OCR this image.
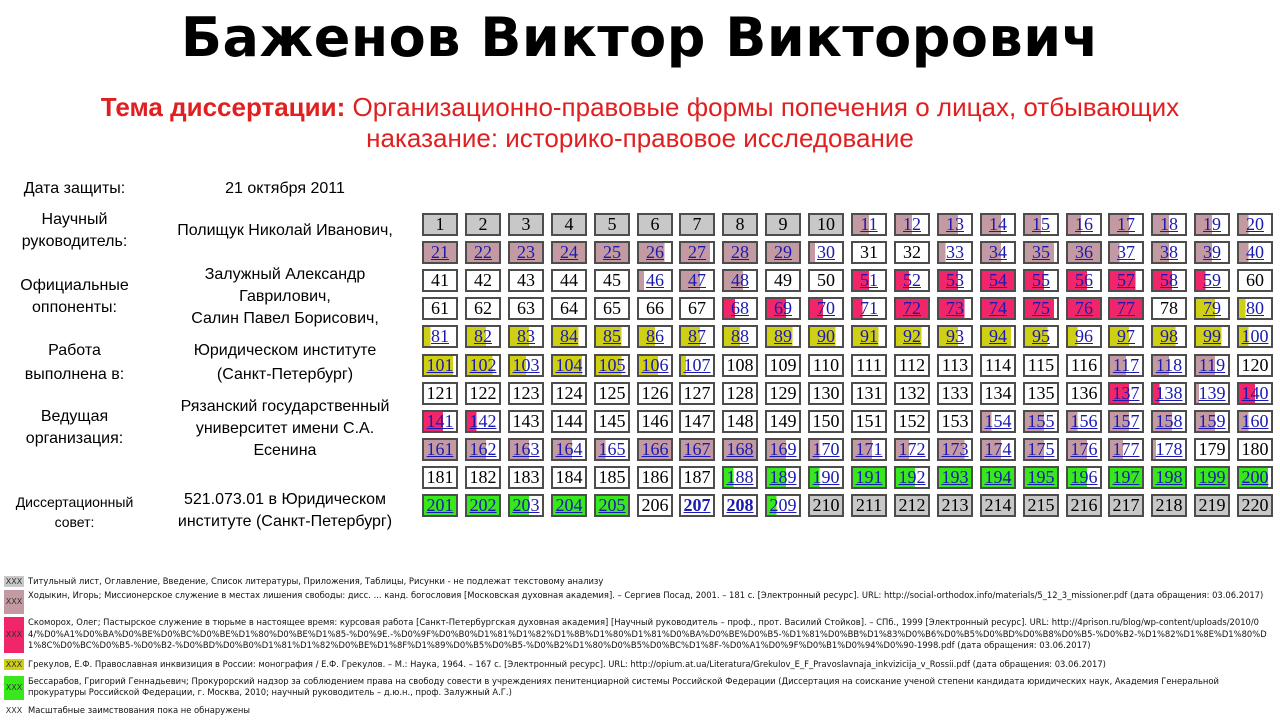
Баженов Виктор Викторович
Тема диссертации: Организационно-правовые формы попечения о лицах, отбывающих
наказание: историко-правовое исследование
Дата защиты:	21 октября 2011
Научный
руководитель:
Полищук Николай Иванович,
Официальные
оппоненты:
Залужный Александр
Гаврилович,
Салин Павел Борисович,
Работа
выполнена в:
Юридическом институте
(Санкт-Петербург)
Ведущая
организация:
Рязанский государственный
университет имени С.А.
Есенина
Диссертационный
совет:
521.073.01 в Юридическом
институте (Санкт-Петербург)
1	2	3	4	5	6	7	8	9	10	11	12	13	14	15	16	17	18	19	20
21	22	23	24	25	26	27	28	29	30	31	32	33	34	35	36	37	38	39	40
41	42	43	44	45	46	47	48	49	50	51	52	53	54	55	56	57	58	59	60
61	62	63	64	65	66	67	68	69	70	71	72	73	74	75	76	77	78	79	80
81	82	83	84	85	86	87	88	89	90	91	92	93	94	95	96	97	98	99	100
101 102 103 104 105 106 107 108 109 110 111 112 113 114 115 116 117 118 119 120
121 122 123 124 125 126 127 128 129 130 131 132 133 134 135 136 137 138 139 140
141 142 143 144 145 146 147 148 149 150 151 152 153 154 155 156 157 158 159 160
161 162 163 164 165 166 167 168 169 170 171 172 173 174 175 176 177 178 179 180
181 182 183 184 185 186 187 188 189 190 191 192 193 194 195 196 197 198 199 200
201 202 203 204 205 206 207 208 209 210 211 212 213 214 215 216 217 218 219 220
XXX Титульный лист, Оглавление, Введение, Список литературы, Приложения, Таблицы, Рисунки - не подлежат текстовому анализу
XXX
Ходыкин, Игорь; Миссионерское служение в местах лишения свободы: дисс. ... канд. богословия [Московская духовная академия]. – Сергиев Посад, 2001. – 181 с. [Электронный ресурс]. URL: http://social-orthodox.info/materials/5_12_3_missioner.pdf (дата обращения: 03.06.2017)
XXX
Скоморох, Олег; Пастырское служение в тюрьме в настоящее время: курсовая работа [Санкт-Петербургская духовная академия] [Научный руководитель – проф., прот. Василий Стойков]. – СПб., 1999 [Электронный ресурс]. URL: http://4prison.ru/blog/wp-content/uploads/2010/04/%D0%A1%D0%BA%D0%BE%D0%BC%D0%BE%D1%80%D0%BE%D1%85-%D0%9E.-%D0%9F%D0%B0%D1%81%D1%82%D1%8B%D1%80%D1%81%D0%BA%D0%BE%D0%B5-%D1%81%D0%BB%D1%83%D0%B6%D0%B5%D0%BD%D0%B8%D0%B5-%D0%B2-%D1%82%D1%8E%D1%80%D1%8C%D0%BC%D0%B5-%D0%B2-%D0%BD%D0%B0%D1%81%D1%82%D0%BE%D1%8F%D1%89%D0%B5%D0%B5-%D0%B2%D1%80%D0%B5%D0%BC%D1%8F-%D0%A1%D0%9F%D0%B1%D0%94%D0%90-1998.pdf (дата обращения: 03.06.2017)
XXX Грекулов, Е.Ф. Православная инквизиция в России: монография / Е.Ф. Грекулов. – М.: Наука, 1964. – 167 с. [Электронный ресурс]. URL: http://opium.at.ua/Literatura/Grekulov_E_F_Pravoslavnaja_inkvizicija_v_Rossii.pdf (дата обращения: 03.06.2017)
XXX
Бессарабов, Григорий Геннадьевич; Прокурорский надзор за соблюдением права на свободу совести в учреждениях пенитенциарной системы Российской Федерации (Диссертация на соискание ученой степени кандидата юридических наук, Академия Генеральной прокуратуры Российской Федерации, г. Москва, 2010; научный руководитель – д.ю.н., проф. Залужный А.Г.)
XXX Масштабные заимствования пока не обнаружены
